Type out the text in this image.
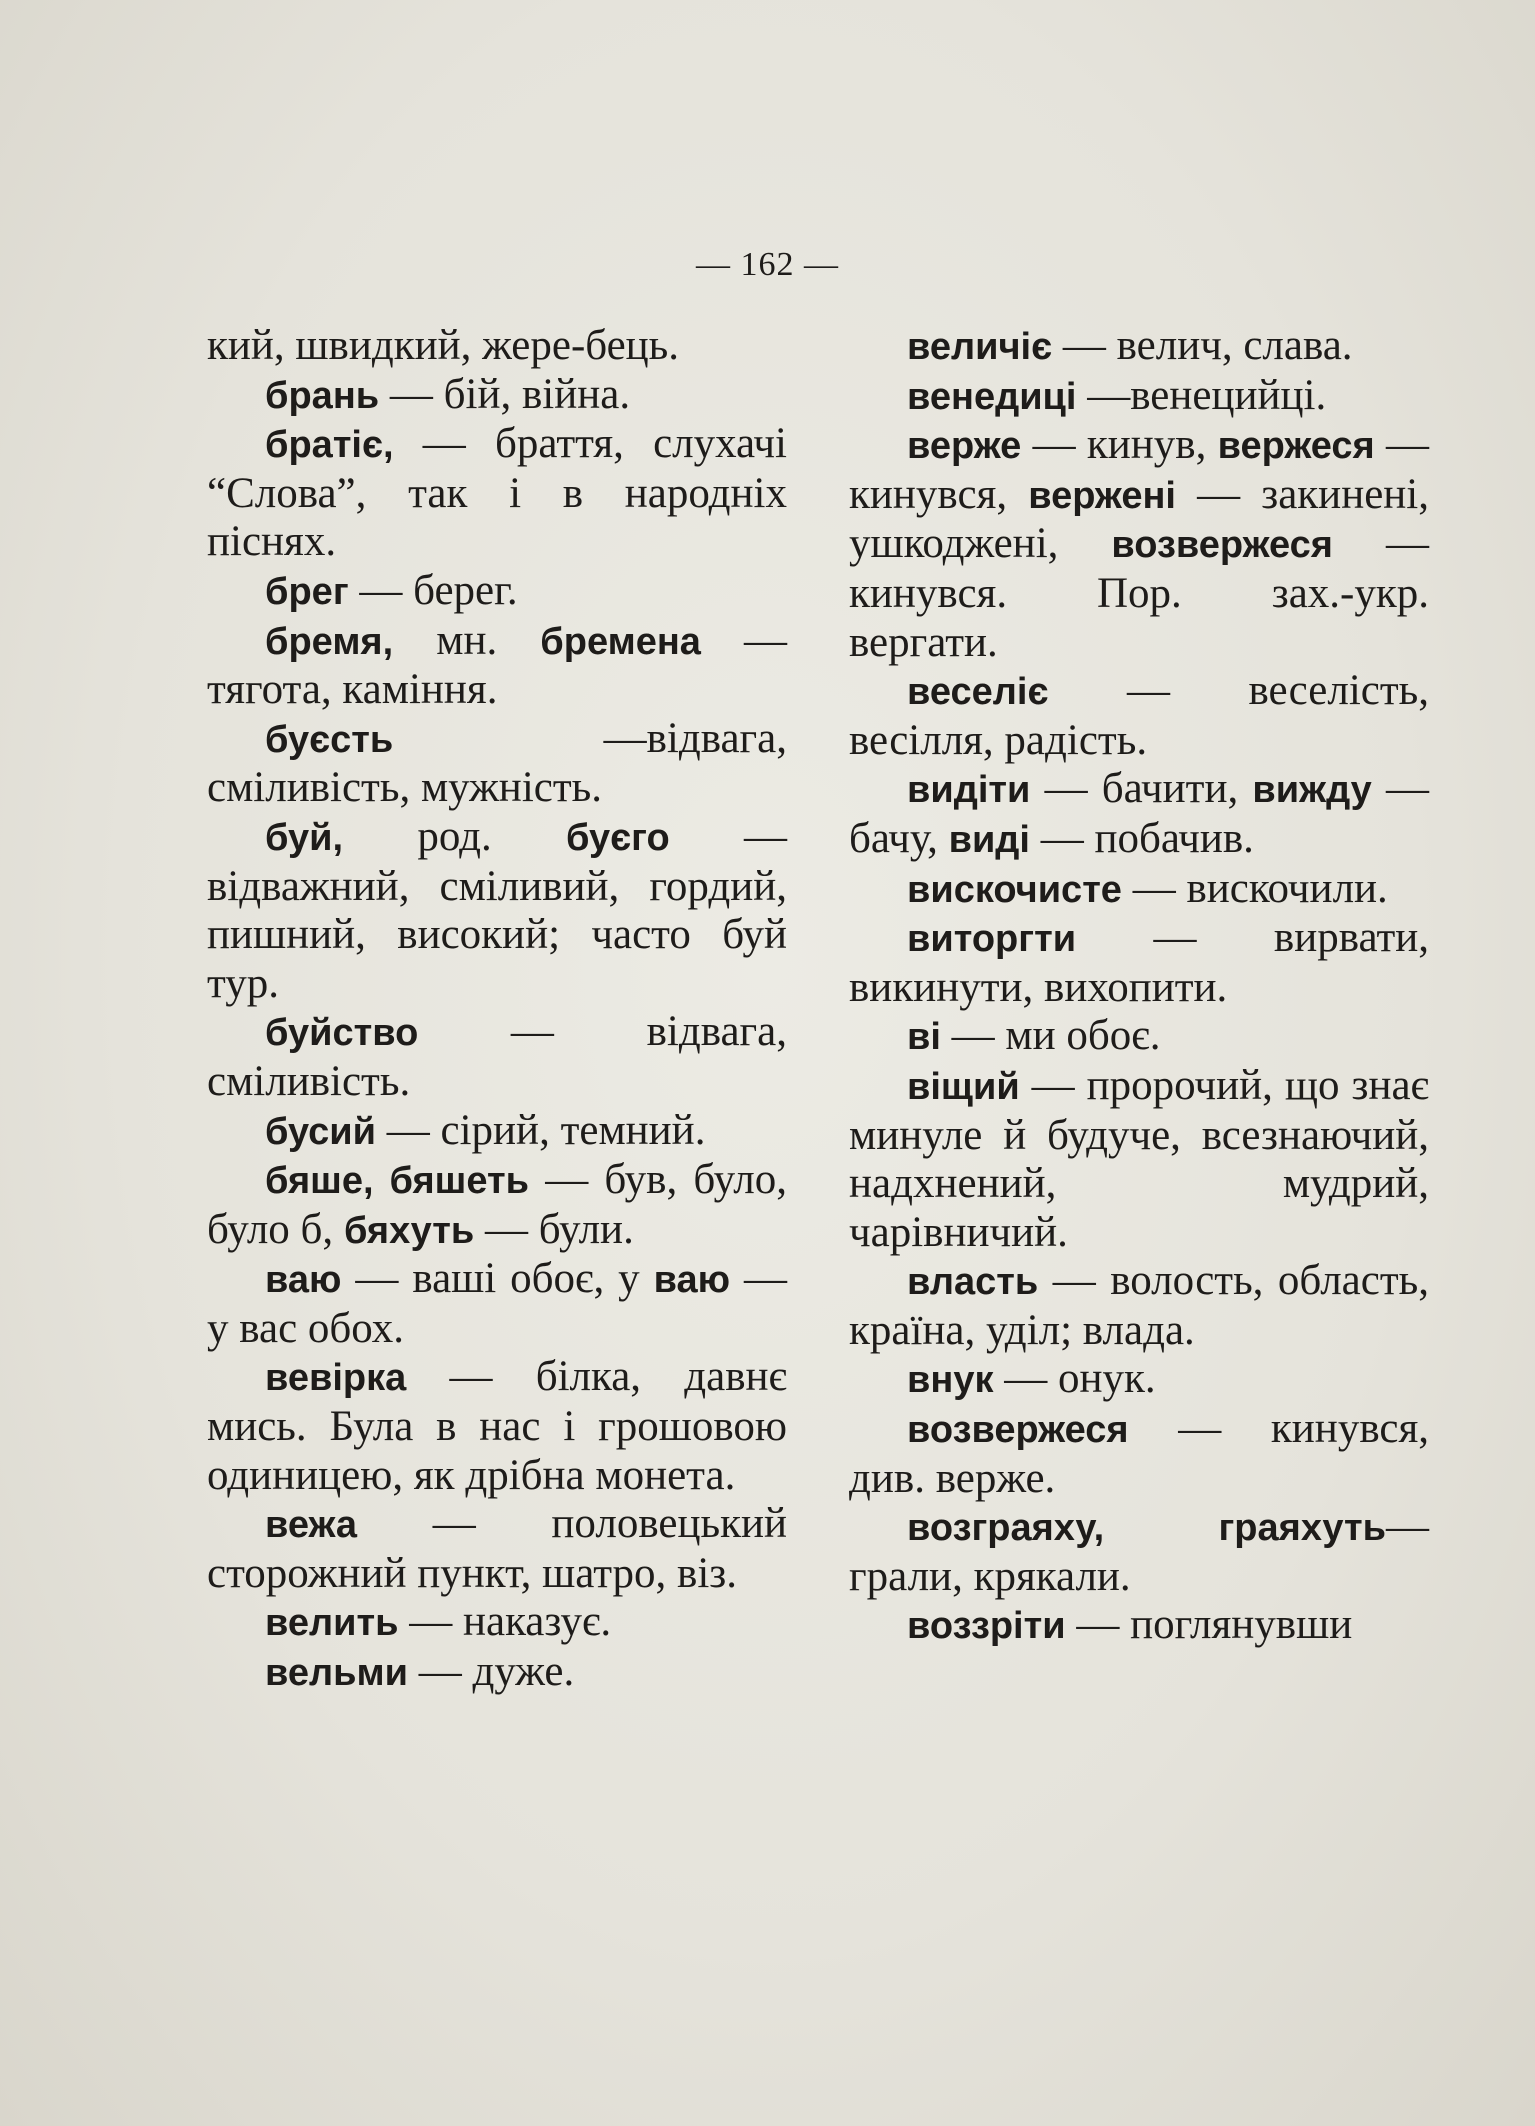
— 162 —

кий, швидкий, жере-бець.

брань — бій, війна.

братіє, — браття, слухачі “Слова”, так і в народніх піснях.

брег — берег.

бремя, мн. бремена — тягота, каміння.

буєсть —відвага, сміливість, мужність.

буй, род. буєго — відважний, сміливий, гордий, пишний, високий; часто буй тур.

буйство — відвага, сміливість.

бусий — сірий, темний.

бяше, бяшеть — був, було, було б, бяхуть — були.

ваю — ваші обоє, у ваю — у вас обох.

вевірка — білка, давнє мись. Була в нас і грошовою одиницею, як дрібна монета.

вежа — половецький сторожний пункт, шатро, віз.

велить — наказує.

вельми — дуже.

величіє — велич, слава.

венедиці —венецийці.

верже — кинув, вержеся — кинувся, вержені — закинені, ушкоджені, возвержеся — кинувся. Пор. зах.-укр. вергати.

веселіє — веселість, весілля, радість.

видіти — бачити, вижду — бачу, виді — побачив.

вискочисте — вискочили.

виторгти — вирвати, викинути, вихопити.

ві — ми обоє.

віщий — пророчий, що знає минуле й будуче, всезнаючий, надхнений, мудрий, чарівничий.

власть — волость, область, країна, уділ; влада.

внук — онук.

возвержеся — кинувся, див. верже.

возграяху, граяхуть— грали, крякали.

воззріти — поглянувши
